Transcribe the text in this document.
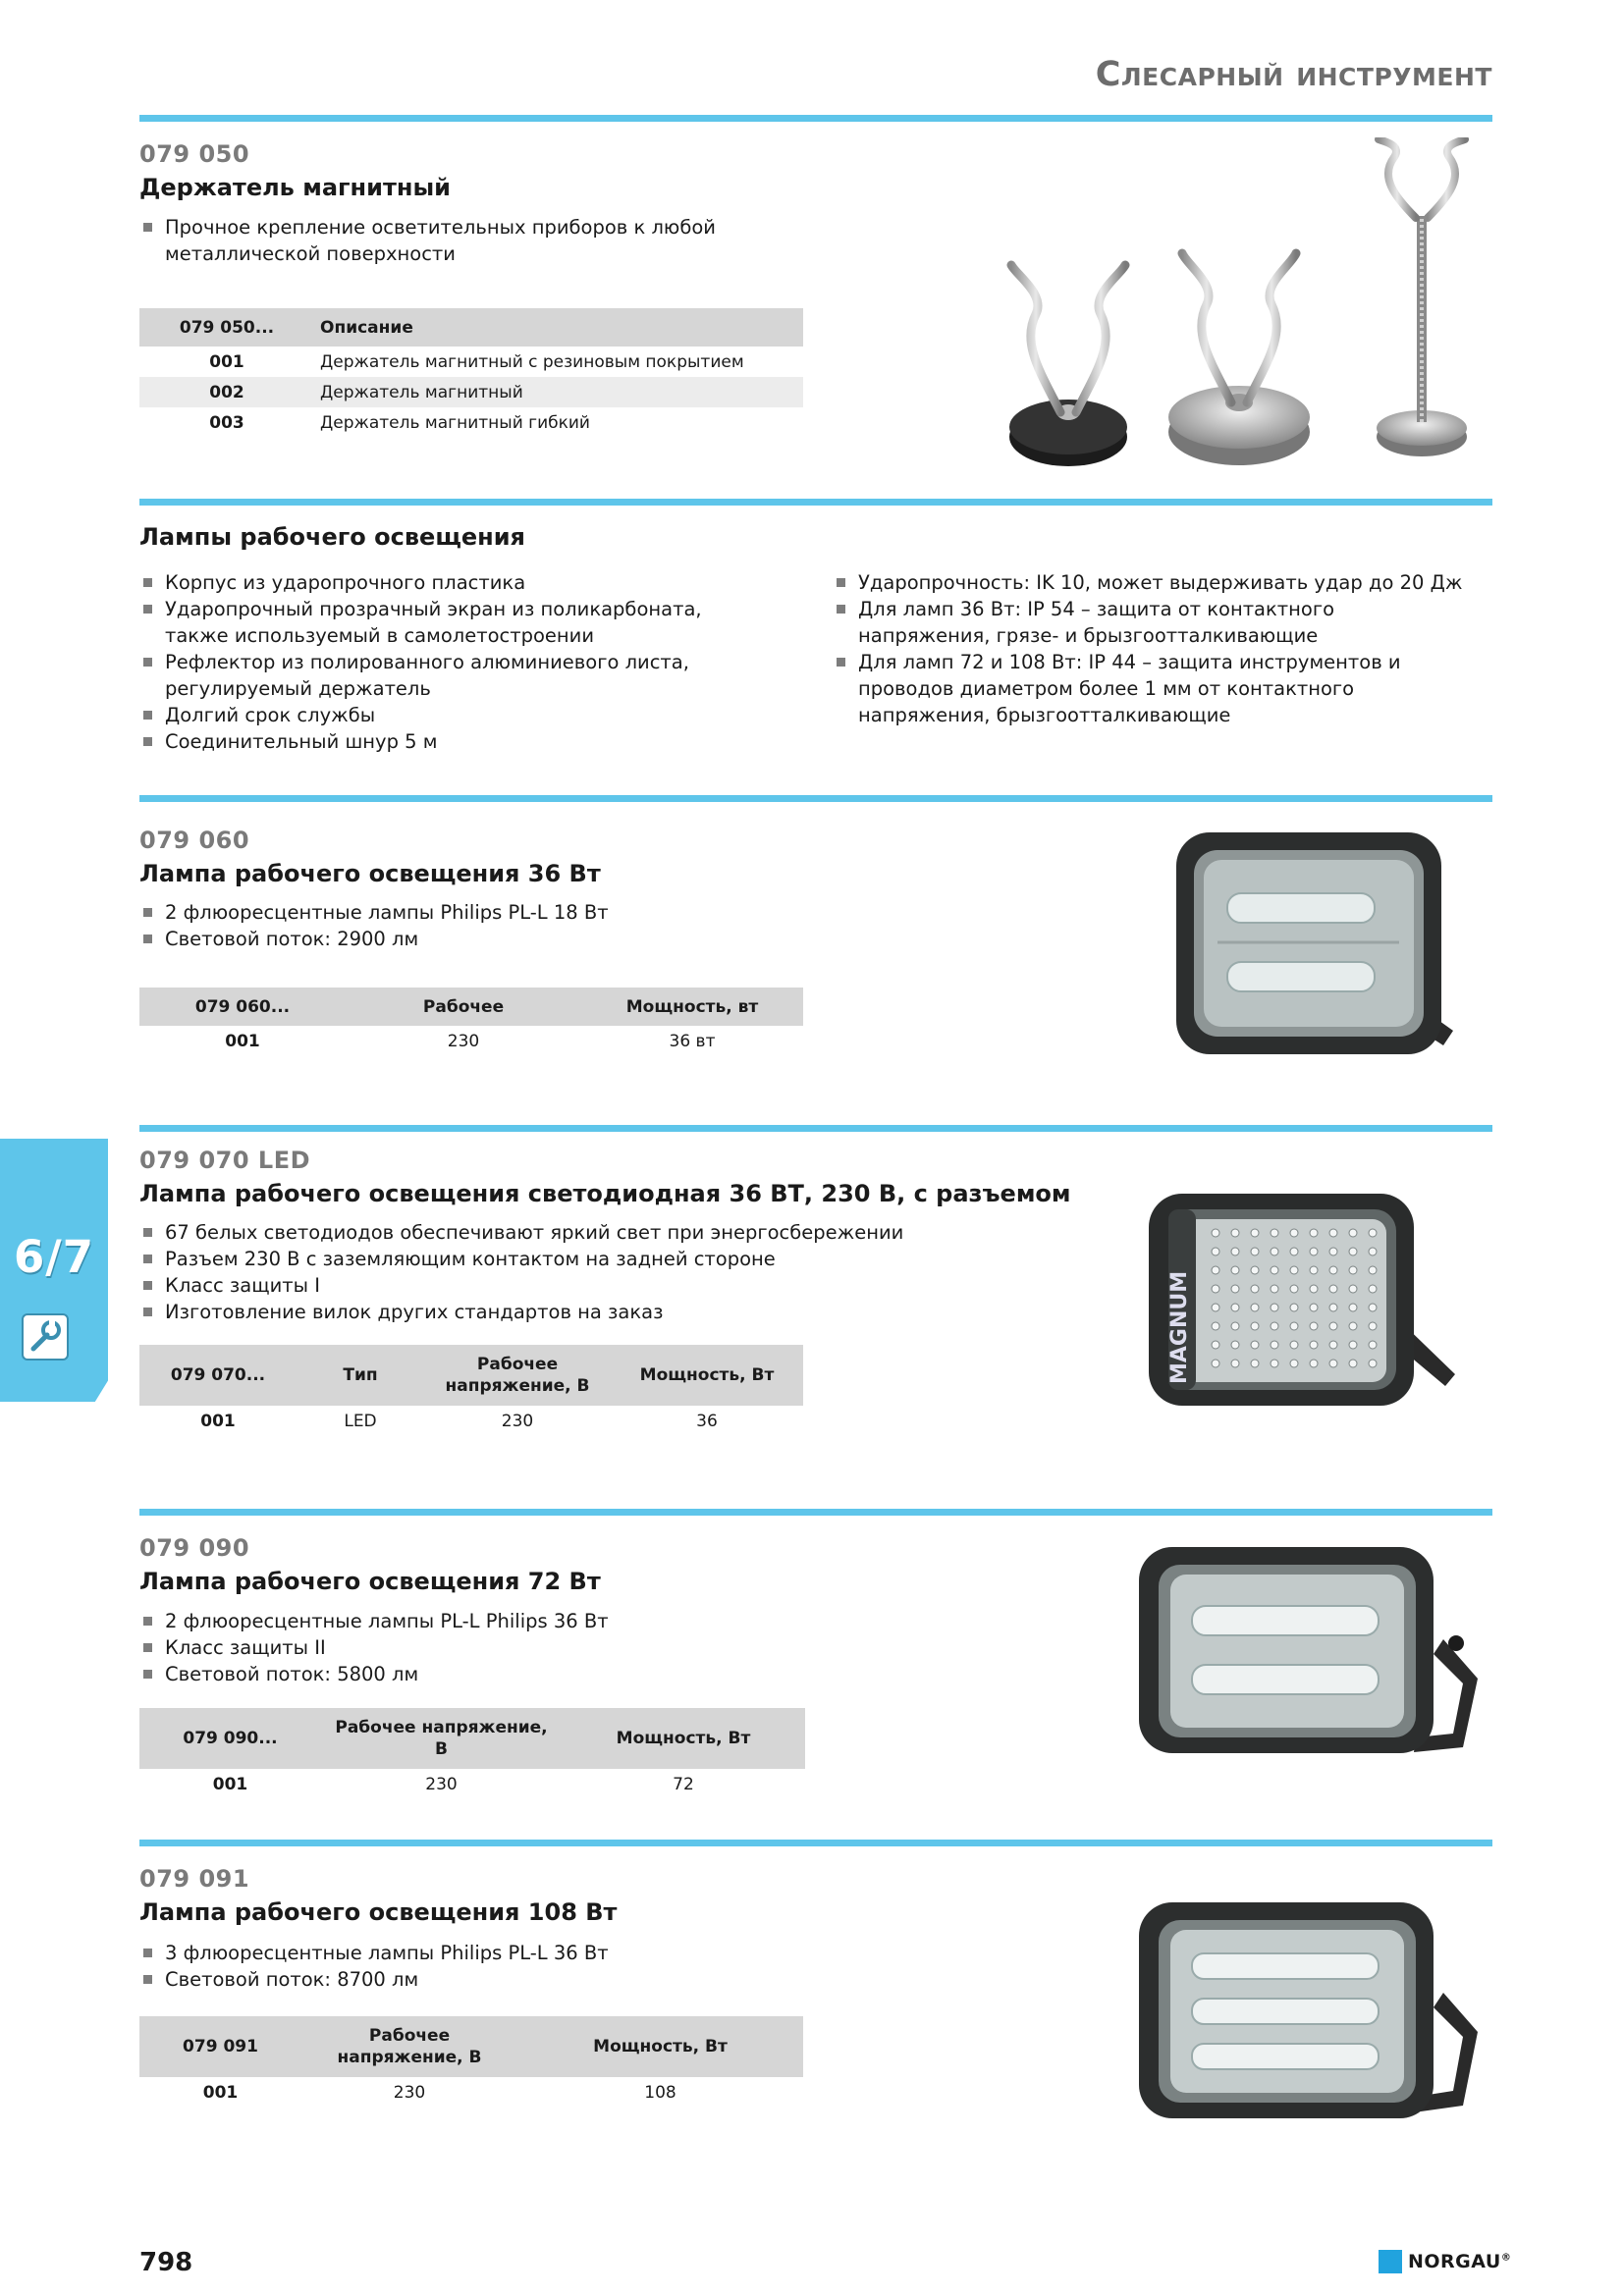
Слесарный инструмент
079 050
Держатель магнитный
Прочное крепление осветительных приборов к любой металлической поверхности
079 050...	Описание
001	Держатель магнитный с резиновым покрытием
002	Держатель магнитный
003	Держатель магнитный гибкий
Лампы рабочего освещения
Корпус из ударопрочного пластика
Ударопрочный прозрачный экран из поликарбоната, также используемый в самолетостроении
Рефлектор из полированного алюминиевого листа, регулируемый держатель
Долгий срок службы
Соединительный шнур 5 м
Ударопрочность: IK 10, может выдерживать удар до 20 Дж
Для ламп 36 Вт: IP 54 – защита от контактного напряжения, грязе- и брызгоотталкивающие
Для ламп 72 и 108 Вт: IP 44 – защита инструментов и проводов диаметром более 1 мм от контактного напряжения, брызгоотталкивающие
079 060
Лампа рабочего освещения 36 Вт
2 флюоресцентные лампы Philips PL-L 18 Вт
Световой поток: 2900 лм
079 060...	Рабочее	Мощность, вт
001	230	36 вт
079 070 LED
Лампа рабочего освещения светодиодная 36 ВТ, 230 В, с разъемом
67 белых светодиодов обеспечивают яркий свет при энергосбережении
Разъем 230 В с заземляющим контактом на задней стороне
Класс защиты I
Изготовление вилок других стандартов на заказ
079 070...	Тип	Рабочее напряжение, В	Мощность, Вт
001	LED	230	36
MAGNUM
079 090
Лампа рабочего освещения 72 Вт
2 флюоресцентные лампы PL-L Philips 36 Вт
Класс защиты II
Световой поток: 5800 лм
079 090...	Рабочее напряжение, В	Мощность, Вт
001	230	72
079 091
Лампа рабочего освещения 108 Вт
3 флюоресцентные лампы Philips PL-L 36 Вт
Световой поток: 8700 лм
079 091	Рабочее напряжение, В	Мощность, Вт
001	230	108
6/7
798	NORGAU®
